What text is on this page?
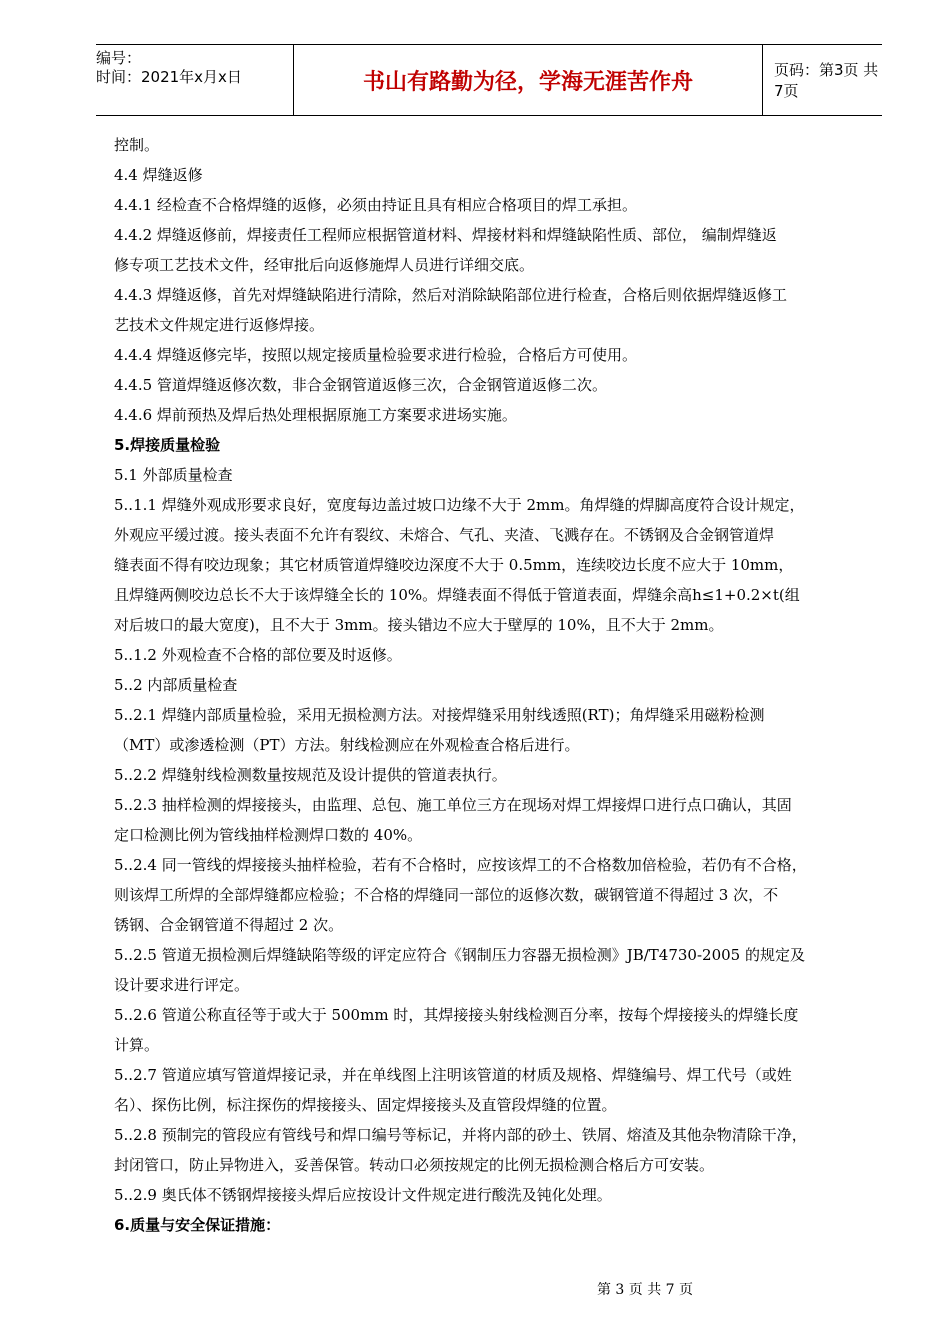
编号：
时间：2021年x月x日	书山有路勤为径，学海无涯苦作舟	页码：第3页 共7页

控制。

4.4 焊缝返修

4.4.1 经检查不合格焊缝的返修，必须由持证且具有相应合格项目的焊工承担。

4.4.2 焊缝返修前，焊接责任工程师应根据管道材料、焊接材料和焊缝缺陷性质、部位， 编制焊缝返

修专项工艺技术文件，经审批后向返修施焊人员进行详细交底。

4.4.3 焊缝返修，首先对焊缝缺陷进行清除，然后对消除缺陷部位进行检查，合格后则依据焊缝返修工

艺技术文件规定进行返修焊接。

4.4.4 焊缝返修完毕，按照以规定接质量检验要求进行检验，合格后方可使用。

4.4.5 管道焊缝返修次数，非合金钢管道返修三次，合金钢管道返修二次。

4.4.6 焊前预热及焊后热处理根据原施工方案要求进场实施。

5.焊接质量检验

5.1 外部质量检查

5..1.1 焊缝外观成形要求良好，宽度每边盖过坡口边缘不大于 2mm。角焊缝的焊脚高度符合设计规定，

外观应平缓过渡。接头表面不允许有裂纹、未熔合、气孔、夹渣、飞溅存在。不锈钢及合金钢管道焊

缝表面不得有咬边现象；其它材质管道焊缝咬边深度不大于 0.5mm，连续咬边长度不应大于 10mm，

且焊缝两侧咬边总长不大于该焊缝全长的 10%。焊缝表面不得低于管道表面，焊缝余高h≤1+0.2×t(组

对后坡口的最大宽度)，且不大于 3mm。接头错边不应大于壁厚的 10%，且不大于 2mm。

5..1.2 外观检查不合格的部位要及时返修。

5..2 内部质量检查

5..2.1 焊缝内部质量检验，采用无损检测方法。对接焊缝采用射线透照(RT)；角焊缝采用磁粉检测

（MT）或渗透检测（PT）方法。射线检测应在外观检查合格后进行。

5..2.2 焊缝射线检测数量按规范及设计提供的管道表执行。

5..2.3 抽样检测的焊接接头，由监理、总包、施工单位三方在现场对焊工焊接焊口进行点口确认，其固

定口检测比例为管线抽样检测焊口数的 40%。

5..2.4 同一管线的焊接接头抽样检验，若有不合格时，应按该焊工的不合格数加倍检验，若仍有不合格，

则该焊工所焊的全部焊缝都应检验；不合格的焊缝同一部位的返修次数，碳钢管道不得超过 3 次，不

锈钢、合金钢管道不得超过 2 次。

5..2.5 管道无损检测后焊缝缺陷等级的评定应符合《钢制压力容器无损检测》JB/T4730-2005 的规定及

设计要求进行评定。

5..2.6 管道公称直径等于或大于 500mm 时，其焊接接头射线检测百分率，按每个焊接接头的焊缝长度

计算。

5..2.7 管道应填写管道焊接记录，并在单线图上注明该管道的材质及规格、焊缝编号、焊工代号（或姓

名）、探伤比例，标注探伤的焊接接头、固定焊接接头及直管段焊缝的位置。

5..2.8 预制完的管段应有管线号和焊口编号等标记，并将内部的砂土、铁屑、熔渣及其他杂物清除干净，

封闭管口，防止异物进入，妥善保管。转动口必须按规定的比例无损检测合格后方可安装。

5..2.9 奥氏体不锈钢焊接接头焊后应按设计文件规定进行酸洗及钝化处理。

6.质量与安全保证措施：

第 3 页 共 7 页
